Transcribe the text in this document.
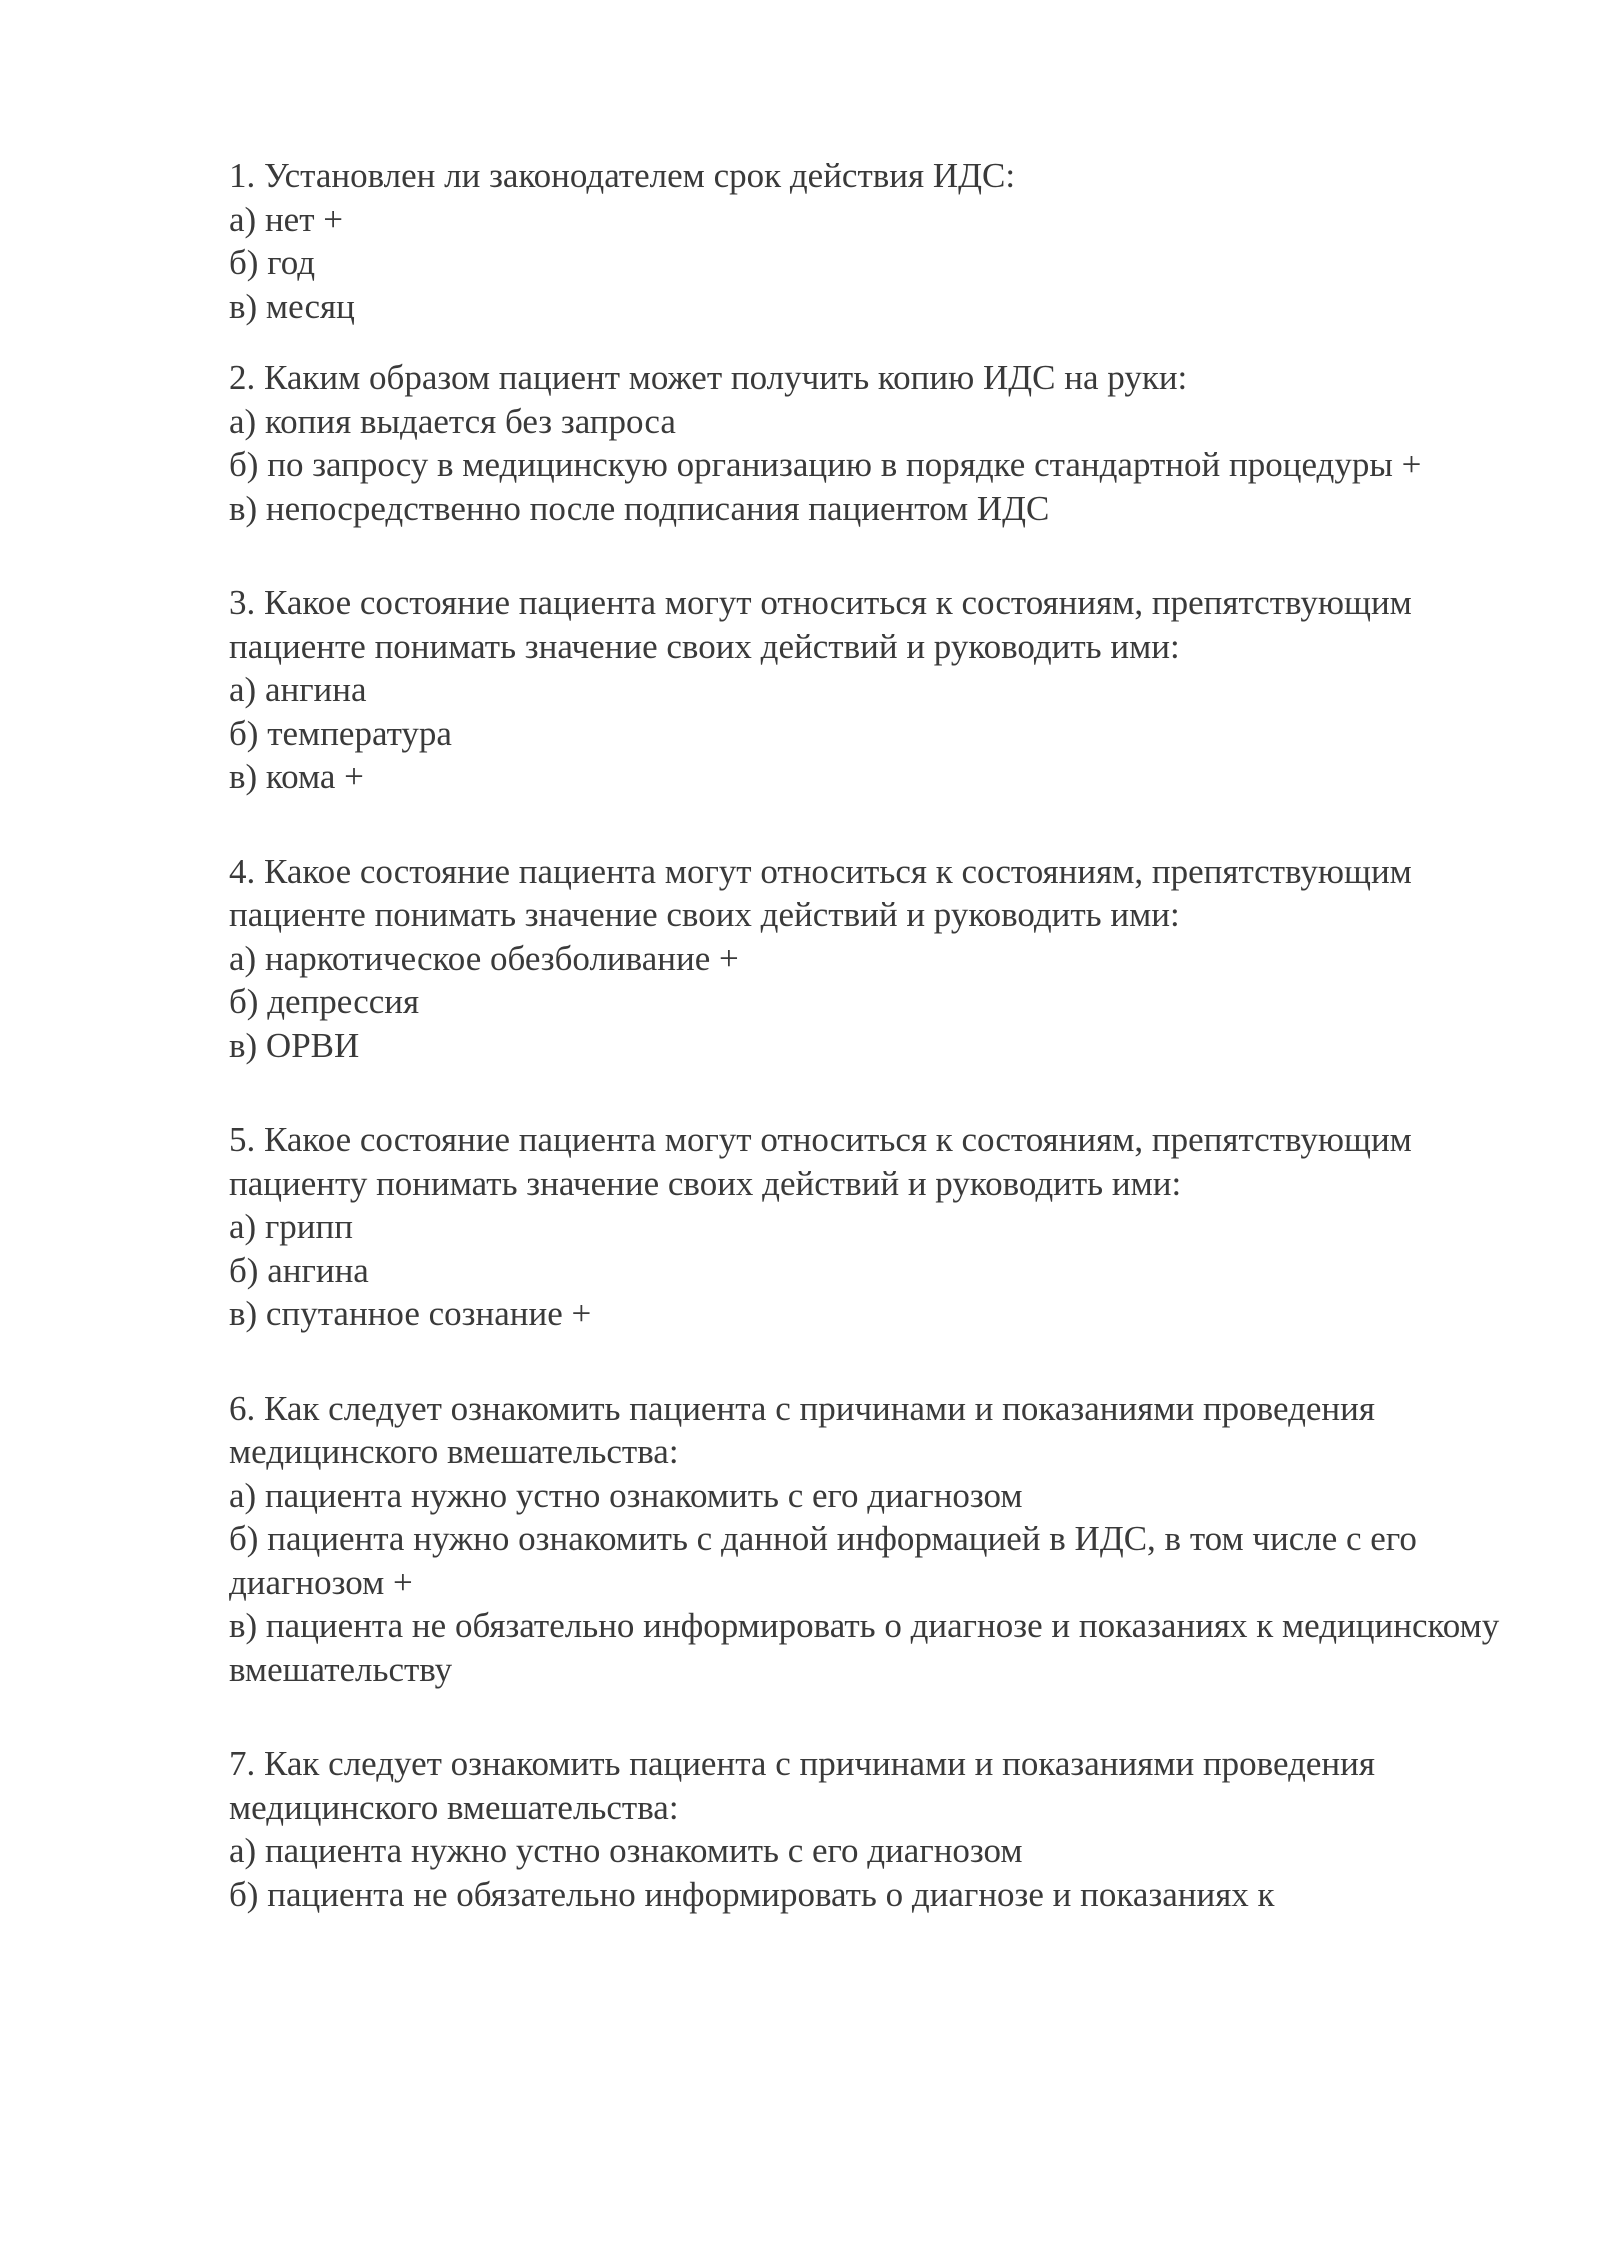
1. Установлен ли законодателем срок действия ИДС:
а) нет +
б) год
в) месяц
2. Каким образом пациент может получить копию ИДС на руки:
а) копия выдается без запроса
б) по запросу в медицинскую организацию в порядке стандартной процедуры +
в) непосредственно после подписания пациентом ИДС
3. Какое состояние пациента могут относиться к состояниям, препятствующим пациенте понимать значение своих действий и руководить ими:
а) ангина
б) температура
в) кома +
4. Какое состояние пациента могут относиться к состояниям, препятствующим пациенте понимать значение своих действий и руководить ими:
а) наркотическое обезболивание +
б) депрессия
в) ОРВИ
5. Какое состояние пациента могут относиться к состояниям, препятствующим пациенту понимать значение своих действий и руководить ими:
а) грипп
б) ангина
в) спутанное сознание +
6. Как следует ознакомить пациента с причинами и показаниями проведения медицинского вмешательства:
а) пациента нужно устно ознакомить с его диагнозом
б) пациента нужно ознакомить с данной информацией в ИДС, в том числе с его диагнозом +
в) пациента не обязательно информировать о диагнозе и показаниях к медицинскому вмешательству
7. Как следует ознакомить пациента с причинами и показаниями проведения медицинского вмешательства:
а) пациента нужно устно ознакомить с его диагнозом
б) пациента не обязательно информировать о диагнозе и показаниях к
